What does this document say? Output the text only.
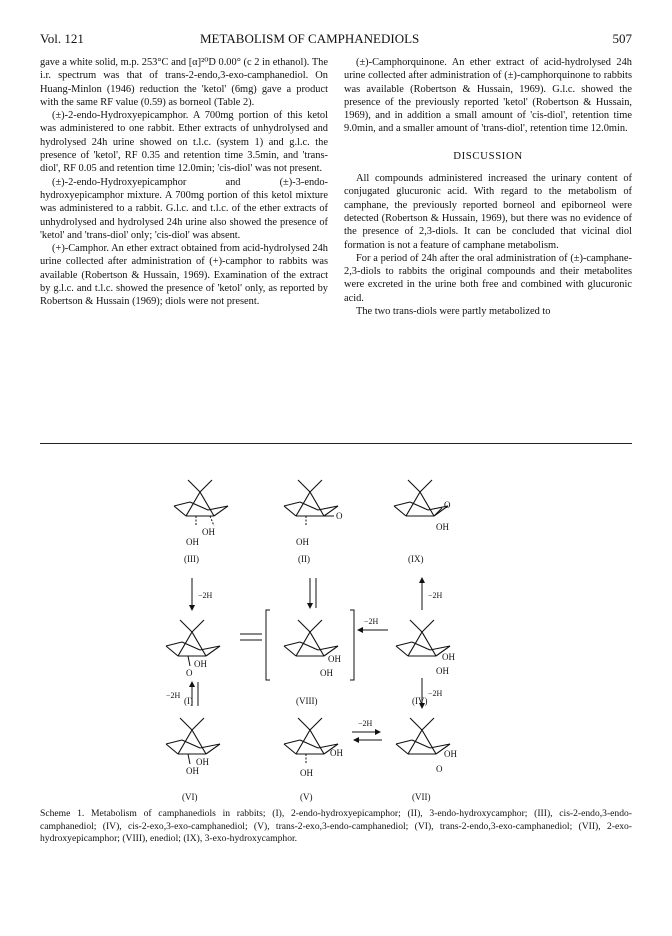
Vol. 121	METABOLISM OF CAMPHANEDIOLS	507

gave a white solid, m.p. 253°C and [α]²⁰D 0.00° (c 2 in ethanol). The i.r. spectrum was that of trans-2-endo,3-exo-camphanediol. On Huang-Minlon (1946) reduction the 'ketol' (6mg) gave a product with the same RF value (0.59) as borneol (Table 2).

(±)-2-endo-Hydroxyepicamphor. A 700mg portion of this ketol was administered to one rabbit. Ether extracts of unhydrolysed and hydrolysed 24h urine showed on t.l.c. (system 1) and g.l.c. the presence of 'ketol', RF 0.35 and retention time 3.5min, and 'trans-diol', RF 0.05 and retention time 12.0min; 'cis-diol' was not present.

(±)-2-endo-Hydroxyepicamphor and (±)-3-endo-hydroxyepicamphor mixture. A 700mg portion of this ketol mixture was administered to a rabbit. G.l.c. and t.l.c. of the ether extracts of unhydrolysed and hydrolysed 24h urine also showed the presence of 'ketol' and 'trans-diol' only; 'cis-diol' was absent.

(+)-Camphor. An ether extract obtained from acid-hydrolysed 24h urine collected after administration of (+)-camphor to rabbits was available (Robertson & Hussain, 1969). Examination of the extract by g.l.c. and t.l.c. showed the presence of 'ketol' only, as reported by Robertson & Hussain (1969); diols were not present.

(±)-Camphorquinone. An ether extract of acid-hydrolysed 24h urine collected after administration of (±)-camphorquinone to rabbits was available (Robertson & Hussain, 1969). G.l.c. showed the presence of the previously reported 'ketol' (Robertson & Hussain, 1969), and in addition a small amount of 'cis-diol', retention time 9.0min, and a smaller amount of 'trans-diol', retention time 12.0min.

DISCUSSION

All compounds administered increased the urinary content of conjugated glucuronic acid. With regard to the metabolism of camphane, the previously reported borneol and epiborneol were detected (Robertson & Hussain, 1969), but there was no evidence of the presence of 2,3-diols. It can be concluded that vicinal diol formation is not a feature of camphane metabolism.

For a period of 24h after the oral administration of (±)-camphane-2,3-diols to rabbits the original compounds and their metabolites were excreted in the urine both free and combined with glucuronic acid.

The two trans-diols were partly metabolized to

OH
OH
(III)
O
OH
(II)
O
OH
(IX)
−2H	−2H
OH
O
(I)
OH
OH
(VIII)
−2H
OH
OH
(IV)
−2H	−2H
OH
OH
(VI)
OH
OH
(V)
−2H
OH
O
(VII)
Scheme 1. Metabolism of camphanediols in rabbits; (I), 2-endo-hydroxyepicamphor; (II), 3-endo-hydroxycamphor; (III), cis-2-endo,3-endo-camphanediol; (IV), cis-2-exo,3-exo-camphanediol; (V), trans-2-exo,3-endo-camphanediol; (VI), trans-2-endo,3-exo-camphanediol; (VII), 2-exo-hydroxyepicamphor; (VIII), enediol; (IX), 3-exo-hydroxycamphor.
